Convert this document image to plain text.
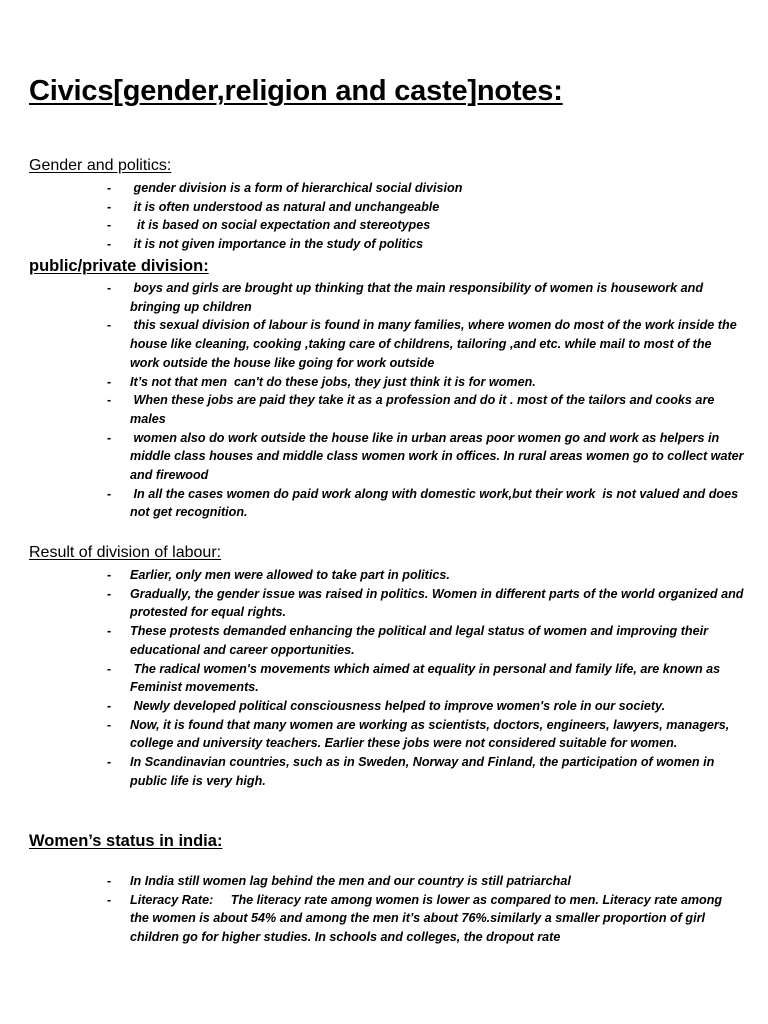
Civics[gender,religion and caste]notes:
Gender and politics:
- gender division is a form of hierarchical social division
- it is often understood as natural and unchangeable
- it is based on social expectation and stereotypes
- it is not given importance in the study of politics
public/private division:
- boys and girls are brought up thinking that the main responsibility of women is housework and bringing up children
- this sexual division of labour is found in many families, where women do most of the work inside the house like cleaning, cooking ,taking care of childrens, tailoring ,and etc. while mail to most of the work outside the house like going for work outside
- It’s not that men  can't do these jobs, they just think it is for women.
- When these jobs are paid they take it as a profession and do it . most of the tailors and cooks are males
- women also do work outside the house like in urban areas poor women go and work as helpers in middle class houses and middle class women work in offices. In rural areas women go to collect water and firewood
- In all the cases women do paid work along with domestic work,but their work  is not valued and does not get recognition.
Result of division of labour:
- Earlier, only men were allowed to take part in politics.
- Gradually, the gender issue was raised in politics. Women in different parts of the world organized and protested for equal rights.
- These protests demanded enhancing the political and legal status of women and improving their educational and career opportunities.
- The radical women's movements which aimed at equality in personal and family life, are known as Feminist movements.
- Newly developed political consciousness helped to improve women's role in our society.
- Now, it is found that many women are working as scientists, doctors, engineers, lawyers, managers, college and university teachers. Earlier these jobs were not considered suitable for women.
- In Scandinavian countries, such as in Sweden, Norway and Finland, the participation of women in public life is very high.
Women’s status in india:
- In India still women lag behind the men and our country is still patriarchal
- Literacy Rate:     The literacy rate among women is lower as compared to men. Literacy rate among the women is about 54% and among the men it’s about 76%.similarly a smaller proportion of girl children go for higher studies. In schools and colleges, the dropout rate
